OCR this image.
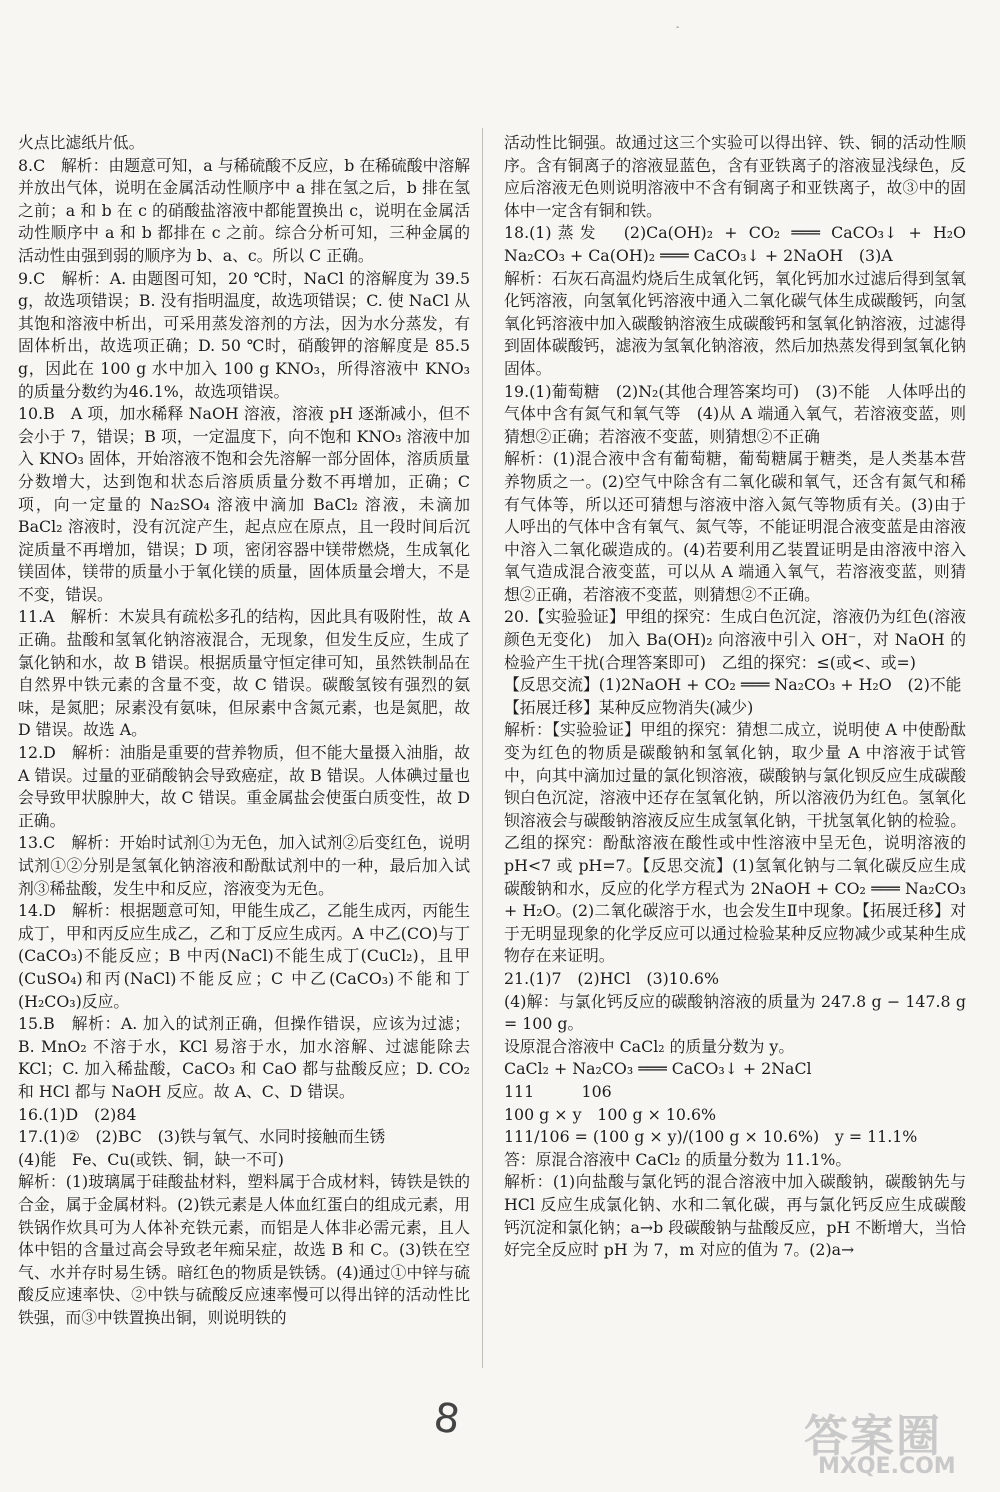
-

火点比滤纸片低。

8.C　解析：由题意可知，a 与稀硫酸不反应，b 在稀硫酸中溶解并放出气体，说明在金属活动性顺序中 a 排在氢之后，b 排在氢之前；a 和 b 在 c 的硝酸盐溶液中都能置换出 c，说明在金属活动性顺序中 a 和 b 都排在 c 之前。综合分析可知，三种金属的活动性由强到弱的顺序为 b、a、c。所以 C 正确。

9.C　解析：A. 由题图可知，20 ℃时，NaCl 的溶解度为 39.5 g，故选项错误；B. 没有指明温度，故选项错误；C. 使 NaCl 从其饱和溶液中析出，可采用蒸发溶剂的方法，因为水分蒸发，有固体析出，故选项正确；D. 50 ℃时，硝酸钾的溶解度是 85.5 g，因此在 100 g 水中加入 100 g KNO₃，所得溶液中 KNO₃ 的质量分数约为46.1%，故选项错误。

10.B　A 项，加水稀释 NaOH 溶液，溶液 pH 逐渐减小，但不会小于 7，错误；B 项，一定温度下，向不饱和 KNO₃ 溶液中加入 KNO₃ 固体，开始溶液不饱和会先溶解一部分固体，溶质质量分数增大，达到饱和状态后溶质质量分数不再增加，正确；C 项，向一定量的 Na₂SO₄ 溶液中滴加 BaCl₂ 溶液，未滴加 BaCl₂ 溶液时，没有沉淀产生，起点应在原点，且一段时间后沉淀质量不再增加，错误；D 项，密闭容器中镁带燃烧，生成氧化镁固体，镁带的质量小于氧化镁的质量，固体质量会增大，不是不变，错误。

11.A　解析：木炭具有疏松多孔的结构，因此具有吸附性，故 A 正确。盐酸和氢氧化钠溶液混合，无现象，但发生反应，生成了氯化钠和水，故 B 错误。根据质量守恒定律可知，虽然铁制品在自然界中铁元素的含量不变，故 C 错误。碳酸氢铵有强烈的氨味，是氮肥；尿素没有氨味，但尿素中含氮元素，也是氮肥，故 D 错误。故选 A。

12.D　解析：油脂是重要的营养物质，但不能大量摄入油脂，故 A 错误。过量的亚硝酸钠会导致癌症，故 B 错误。人体碘过量也会导致甲状腺肿大，故 C 错误。重金属盐会使蛋白质变性，故 D 正确。

13.C　解析：开始时试剂①为无色，加入试剂②后变红色，说明试剂①②分别是氢氧化钠溶液和酚酞试剂中的一种，最后加入试剂③稀盐酸，发生中和反应，溶液变为无色。

14.D　解析：根据题意可知，甲能生成乙，乙能生成丙，丙能生成丁，甲和丙反应生成乙，乙和丁反应生成丙。A 中乙(CO)与丁(CaCO₃)不能反应；B 中丙(NaCl)不能生成丁(CuCl₂)，且甲(CuSO₄)和丙(NaCl)不能反应；C 中乙(CaCO₃)不能和丁(H₂CO₃)反应。

15.B　解析：A. 加入的试剂正确，但操作错误，应该为过滤；B. MnO₂ 不溶于水，KCl 易溶于水，加水溶解、过滤能除去 KCl；C. 加入稀盐酸，CaCO₃ 和 CaO 都与盐酸反应；D. CO₂ 和 HCl 都与 NaOH 反应。故 A、C、D 错误。

16.(1)D　(2)84

17.(1)②　(2)BC　(3)铁与氧气、水同时接触而生锈

(4)能　Fe、Cu(或铁、铜，缺一不可)

解析：(1)玻璃属于硅酸盐材料，塑料属于合成材料，铸铁是铁的合金，属于金属材料。(2)铁元素是人体血红蛋白的组成元素，用铁锅作炊具可为人体补充铁元素，而铝是人体非必需元素，且人体中铝的含量过高会导致老年痴呆症，故选 B 和 C。(3)铁在空气、水并存时易生锈。暗红色的物质是铁锈。(4)通过①中锌与硫酸反应速率快、②中铁与硫酸反应速率慢可以得出锌的活动性比铁强，而③中铁置换出铜，则说明铁的

活动性比铜强。故通过这三个实验可以得出锌、铁、铜的活动性顺序。含有铜离子的溶液显蓝色，含有亚铁离子的溶液显浅绿色，反应后溶液无色则说明溶液中不含有铜离子和亚铁离子，故③中的固体中一定含有铜和铁。

18.(1)蒸发　(2)Ca(OH)₂ + CO₂ ═══ CaCO₃↓ + H₂O　Na₂CO₃ + Ca(OH)₂ ═══ CaCO₃↓ + 2NaOH　(3)A

解析：石灰石高温灼烧后生成氧化钙，氧化钙加水过滤后得到氢氧化钙溶液，向氢氧化钙溶液中通入二氧化碳气体生成碳酸钙，向氢氧化钙溶液中加入碳酸钠溶液生成碳酸钙和氢氧化钠溶液，过滤得到固体碳酸钙，滤液为氢氧化钠溶液，然后加热蒸发得到氢氧化钠固体。

19.(1)葡萄糖　(2)N₂(其他合理答案均可)　(3)不能　人体呼出的气体中含有氮气和氧气等　(4)从 A 端通入氧气，若溶液变蓝，则猜想②正确；若溶液不变蓝，则猜想②不正确

解析：(1)混合液中含有葡萄糖，葡萄糖属于糖类，是人类基本营养物质之一。(2)空气中除含有二氧化碳和氧气，还含有氮气和稀有气体等，所以还可猜想与溶液中溶入氮气等物质有关。(3)由于人呼出的气体中含有氧气、氮气等，不能证明混合液变蓝是由溶液中溶入二氧化碳造成的。(4)若要利用乙装置证明是由溶液中溶入氧气造成混合液变蓝，可以从 A 端通入氧气，若溶液变蓝，则猜想②正确，若溶液不变蓝，则猜想②不正确。

20.【实验验证】甲组的探究：生成白色沉淀，溶液仍为红色(溶液颜色无变化)　加入 Ba(OH)₂ 向溶液中引入 OH⁻，对 NaOH 的检验产生干扰(合理答案即可)　乙组的探究：≤(或<、或=)

【反思交流】(1)2NaOH + CO₂ ═══ Na₂CO₃ + H₂O　(2)不能

【拓展迁移】某种反应物消失(减少)

解析：【实验验证】甲组的探究：猜想二成立，说明使 A 中使酚酞变为红色的物质是碳酸钠和氢氧化钠，取少量 A 中溶液于试管中，向其中滴加过量的氯化钡溶液，碳酸钠与氯化钡反应生成碳酸钡白色沉淀，溶液中还存在氢氧化钠，所以溶液仍为红色。氢氧化钡溶液会与碳酸钠溶液反应生成氢氧化钠，干扰氢氧化钠的检验。乙组的探究：酚酞溶液在酸性或中性溶液中呈无色，说明溶液的 pH<7 或 pH=7。【反思交流】(1)氢氧化钠与二氧化碳反应生成碳酸钠和水，反应的化学方程式为 2NaOH + CO₂ ═══ Na₂CO₃ + H₂O。(2)二氧化碳溶于水，也会发生Ⅱ中现象。【拓展迁移】对于无明显现象的化学反应可以通过检验某种反应物减少或某种生成物存在来证明。

21.(1)7　(2)HCl　(3)10.6%

(4)解：与氯化钙反应的碳酸钠溶液的质量为 247.8 g − 147.8 g = 100 g。

设原混合溶液中 CaCl₂ 的质量分数为 y。

CaCl₂ + Na₂CO₃ ═══ CaCO₃↓ + 2NaCl

111　　　106

100 g × y　100 g × 10.6%

111/106 = (100 g × y)/(100 g × 10.6%)　y = 11.1%

答：原混合溶液中 CaCl₂ 的质量分数为 11.1%。

解析：(1)向盐酸与氯化钙的混合溶液中加入碳酸钠，碳酸钠先与 HCl 反应生成氯化钠、水和二氧化碳，再与氯化钙反应生成碳酸钙沉淀和氯化钠；a→b 段碳酸钠与盐酸反应，pH 不断增大，当恰好完全反应时 pH 为 7，m 对应的值为 7。(2)a→

8	答案圈
MXQE.COM
